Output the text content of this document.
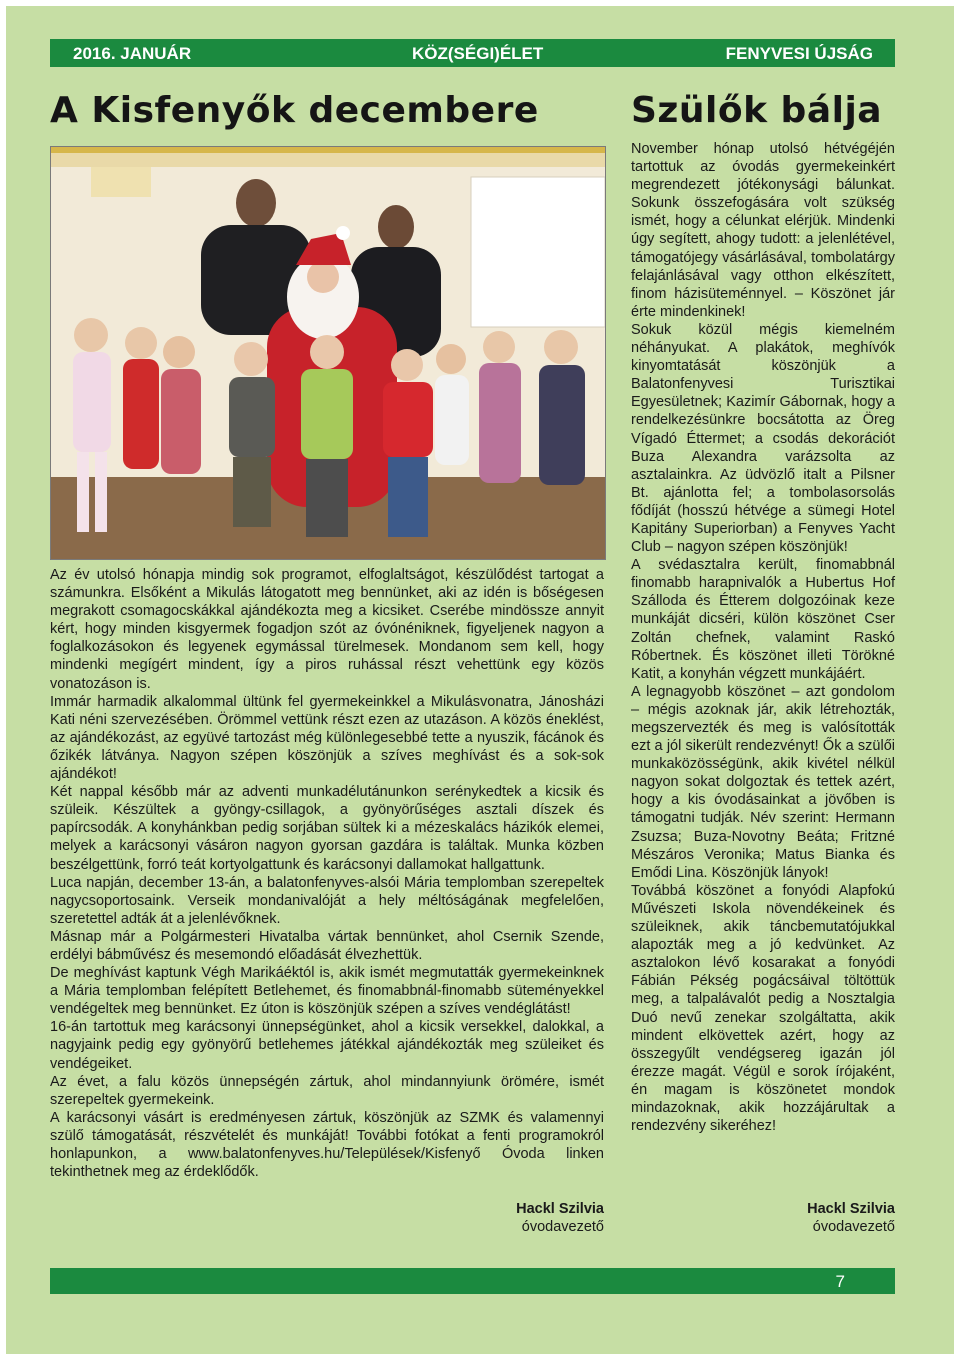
2016. JANUÁR	KÖZ(SÉGI)ÉLET	FENYVESI ÚJSÁG
A Kisfenyők decembere	Szülők bálja

Az év utolsó hónapja mindig sok programot, elfoglaltságot, készülődést tartogat a számunkra. Elsőként a Mikulás látogatott meg bennünket, aki az idén is bőségesen megrakott csomagocskákkal ajándékozta meg a kicsiket. Cserébe mindössze annyit kért, hogy minden kisgyermek fogadjon szót az óvónéniknek, figyeljenek nagyon a foglalkozásokon és legyenek egymással türelmesek. Mondanom sem kell, hogy mindenki megígért mindent, így a piros ruhással részt vehettünk egy közös vonatozáson is.

Immár harmadik alkalommal ültünk fel gyermekeinkkel a Mikulásvonatra, Jánosházi Kati néni szervezésében. Örömmel vettünk részt ezen az utazáson. A közös éneklést, az ajándékozást, az együvé tartozást még különlegesebbé tette a nyuszik, fácánok és őzikék látványa. Nagyon szépen köszönjük a szíves meghívást és a sok-sok ajándékot!

Két nappal később már az adventi munkadélutánunkon serénykedtek a kicsik és szüleik. Készültek a gyöngy-csillagok, a gyönyörűséges asztali díszek és papírcsodák. A konyhánkban pedig sorjában sültek ki a mézeskalács házikók elemei, melyek a karácsonyi vásáron nagyon gyorsan gazdára is találtak. Munka közben beszélgettünk, forró teát kortyolgattunk és karácsonyi dallamokat hallgattunk.

Luca napján, december 13-án, a balatonfenyves-alsói Mária templomban szerepeltek nagycsoportosaink. Verseik mondanivalóját a hely méltóságának megfelelően, szeretettel adták át a jelenlévőknek.

Másnap már a Polgármesteri Hivatalba vártak bennünket, ahol Csernik Szende, erdélyi bábművész és mesemondó előadását élvezhettük.

De meghívást kaptunk Végh Marikáéktól is, akik ismét megmutatták gyermekeinknek a Mária templomban felépített Betlehemet, és finomabbnál-finomabb süteményekkel vendégeltek meg bennünket. Ez úton is köszönjük szépen a szíves vendéglátást!

16-án tartottuk meg karácsonyi ünnepségünket, ahol a kicsik versekkel, dalokkal, a nagyjaink pedig egy gyönyörű betlehemes játékkal ajándékozták meg szüleiket és vendégeiket.

Az évet, a falu közös ünnepségén zártuk, ahol mindannyiunk örömére, ismét szerepeltek gyermekeink.

A karácsonyi vásárt is eredményesen zártuk, köszönjük az SZMK és valamennyi szülő támogatását, részvételét és munkáját! További fotókat a fenti programokról honlapunkon, a www.balatonfenyves.hu/Települések/Kisfenyő Óvoda linken tekinthetnek meg az érdeklődők.

Hackl Szilvia

óvodavezető

November hónap utolsó hétvégéjén tartottuk az óvodás gyermekeinkért megrendezett jótékonysági bálunkat. Sokunk összefogására volt szükség ismét, hogy a célunkat elérjük. Mindenki úgy segített, ahogy tudott: a jelenlétével, támogatójegy vásárlásával, tombolatárgy felajánlásával vagy otthon elkészített, finom házisüteménnyel. – Köszönet jár érte mindenkinek!

Sokuk közül mégis kiemelném néhányukat. A plakátok, meghívók kinyomtatását köszönjük a Balatonfenyvesi Turisztikai Egyesületnek; Kazimír Gábornak, hogy a rendelkezésünkre bocsátotta az Öreg Vígadó Éttermet; a csodás dekorációt Buza Alexandra varázsolta az asztalainkra. Az üdvözlő italt a Pilsner Bt. ajánlotta fel; a tombolasorsolás fődíját (hosszú hétvége a sümegi Hotel Kapitány Superiorban) a Fenyves Yacht Club – nagyon szépen köszönjük!

A svédasztalra került, finomabbnál finomabb harapnivalók a Hubertus Hof Szálloda és Étterem dolgozóinak keze munkáját dicséri, külön köszönet Cser Zoltán chefnek, valamint Raskó Róbertnek. És köszönet illeti Törökné Katit, a konyhán végzett munkájáért.

A legnagyobb köszönet – azt gondolom – mégis azoknak jár, akik létrehozták, megszervezték és meg is valósították ezt a jól sikerült rendezvényt! Ők a szülői munkaközösségünk, akik kivétel nélkül nagyon sokat dolgoztak és tettek azért, hogy a kis óvodásainkat a jövőben is támogatni tudják. Név szerint: Hermann Zsuzsa; Buza-Novotny Beáta; Fritzné Mészáros Veronika; Matus Bianka és Emődi Lina. Köszönjük lányok!

Továbbá köszönet a fonyódi Alapfokú Művészeti Iskola növendékeinek és szüleiknek, akik táncbemutatójukkal alapozták meg a jó kedvünket. Az asztalokon lévő kosarakat a fonyódi Fábián Pékség pogácsáival töltöttük meg, a talpalávalót pedig a Nosztalgia Duó nevű zenekar szolgáltatta, akik mindent elkövettek azért, hogy az összegyűlt vendégsereg igazán jól érezze magát. Végül e sorok írójaként, én magam is köszönetet mondok mindazoknak, akik hozzájárultak a rendezvény sikeréhez!

Hackl Szilvia

óvodavezető

7
